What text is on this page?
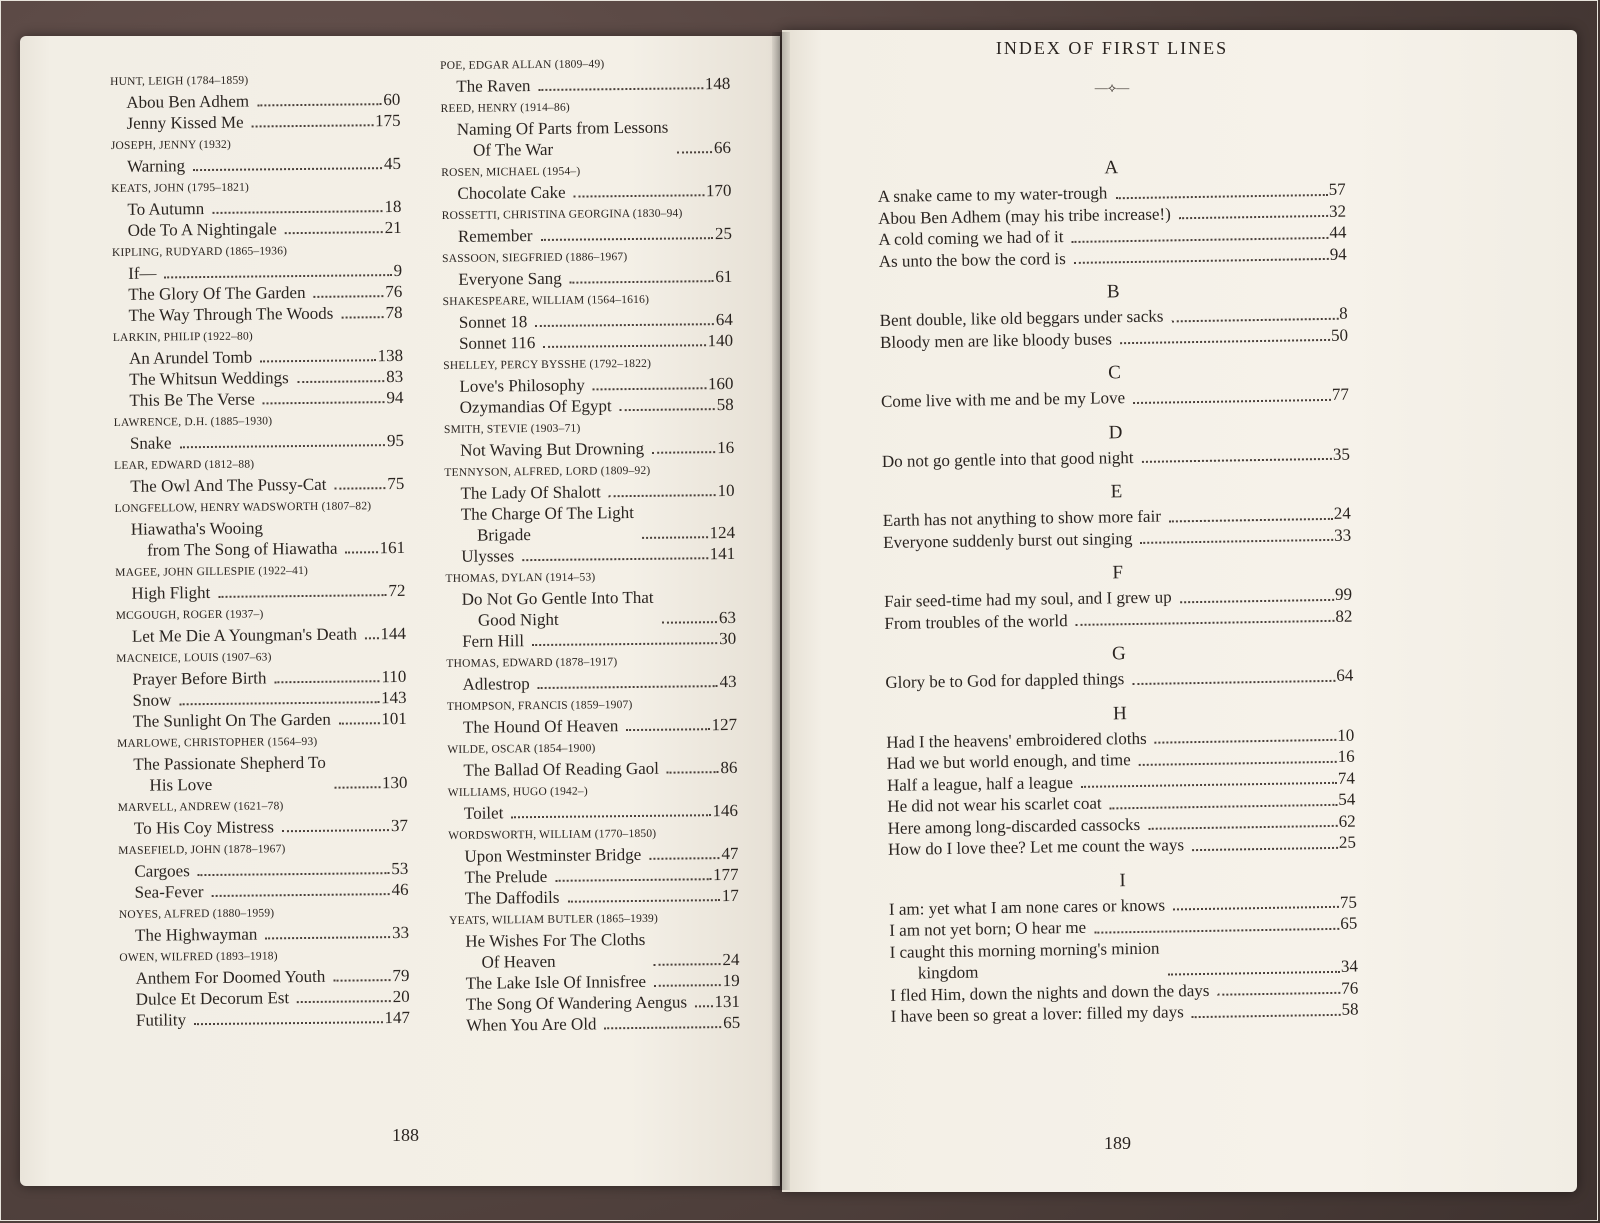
HUNT, LEIGH (1784–1859)
Abou Ben Adhem	60
Jenny Kissed Me	175
JOSEPH, JENNY (1932)
Warning	45
KEATS, JOHN (1795–1821)
To Autumn	18
Ode To A Nightingale	21
KIPLING, RUDYARD (1865–1936)
If—	9
The Glory Of The Garden	76
The Way Through The Woods	78
LARKIN, PHILIP (1922–80)
An Arundel Tomb	138
The Whitsun Weddings	83
This Be The Verse	94
LAWRENCE, D.H. (1885–1930)
Snake	95
LEAR, EDWARD (1812–88)
The Owl And The Pussy-Cat	75
LONGFELLOW, HENRY WADSWORTH (1807–82)
Hiawatha's Wooing
from The Song of Hiawatha 161
MAGEE, JOHN GILLESPIE (1922–41)
High Flight	72
MCGOUGH, ROGER (1937–)
Let Me Die A Youngman's Death 144
MACNEICE, LOUIS (1907–63)
Prayer Before Birth	110
Snow	143
The Sunlight On The Garden	101
MARLOWE, CHRISTOPHER (1564–93)
The Passionate Shepherd To
His Love	130
MARVELL, ANDREW (1621–78)
To His Coy Mistress	37
MASEFIELD, JOHN (1878–1967)
Cargoes	53
Sea-Fever	46
NOYES, ALFRED (1880–1959)
The Highwayman	33
OWEN, WILFRED (1893–1918)
Anthem For Doomed Youth	79
Dulce Et Decorum Est	20
Futility	147
POE, EDGAR ALLAN (1809–49)
The Raven	148
REED, HENRY (1914–86)
Naming Of Parts from Lessons
Of The War	66
ROSEN, MICHAEL (1954–)
Chocolate Cake	170
ROSSETTI, CHRISTINA GEORGINA (1830–94)
Remember	25
SASSOON, SIEGFRIED (1886–1967)
Everyone Sang	61
SHAKESPEARE, WILLIAM (1564–1616)
Sonnet 18	64
Sonnet 116	140
SHELLEY, PERCY BYSSHE (1792–1822)
Love's Philosophy	160
Ozymandias Of Egypt	58
SMITH, STEVIE (1903–71)
Not Waving But Drowning	16
TENNYSON, ALFRED, LORD (1809–92)
The Lady Of Shalott	10
The Charge Of The Light
Brigade	124
Ulysses	141
THOMAS, DYLAN (1914–53)
Do Not Go Gentle Into That
Good Night	63
Fern Hill	30
THOMAS, EDWARD (1878–1917)
Adlestrop	43
THOMPSON, FRANCIS (1859–1907)
The Hound Of Heaven	127
WILDE, OSCAR (1854–1900)
The Ballad Of Reading Gaol	86
WILLIAMS, HUGO (1942–)
Toilet	146
WORDSWORTH, WILLIAM (1770–1850)
Upon Westminster Bridge	47
The Prelude	177
The Daffodils	17
YEATS, WILLIAM BUTLER (1865–1939)
He Wishes For The Cloths
Of Heaven	24
The Lake Isle Of Innisfree	19
The Song Of Wandering Aengus 131
When You Are Old	65
188
INDEX OF FIRST LINES
—⟡—
A
A snake came to my water-trough	57
Abou Ben Adhem (may his tribe increase!)	32
A cold coming we had of it	44
As unto the bow the cord is	94
B
Bent double, like old beggars under sacks	8
Bloody men are like bloody buses	50
C
Come live with me and be my Love	77
D
Do not go gentle into that good night	35
E
Earth has not anything to show more fair	24
Everyone suddenly burst out singing	33
F
Fair seed-time had my soul, and I grew up	99
From troubles of the world	82
G
Glory be to God for dappled things	64
H
Had I the heavens' embroidered cloths	10
Had we but world enough, and time	16
Half a league, half a league	74
He did not wear his scarlet coat	54
Here among long-discarded cassocks	62
How do I love thee? Let me count the ways	25
I
I am: yet what I am none cares or knows	75
I am not yet born; O hear me	65
I caught this morning morning's minion
kingdom	34
I fled Him, down the nights and down the days	76
I have been so great a lover: filled my days	58
189
